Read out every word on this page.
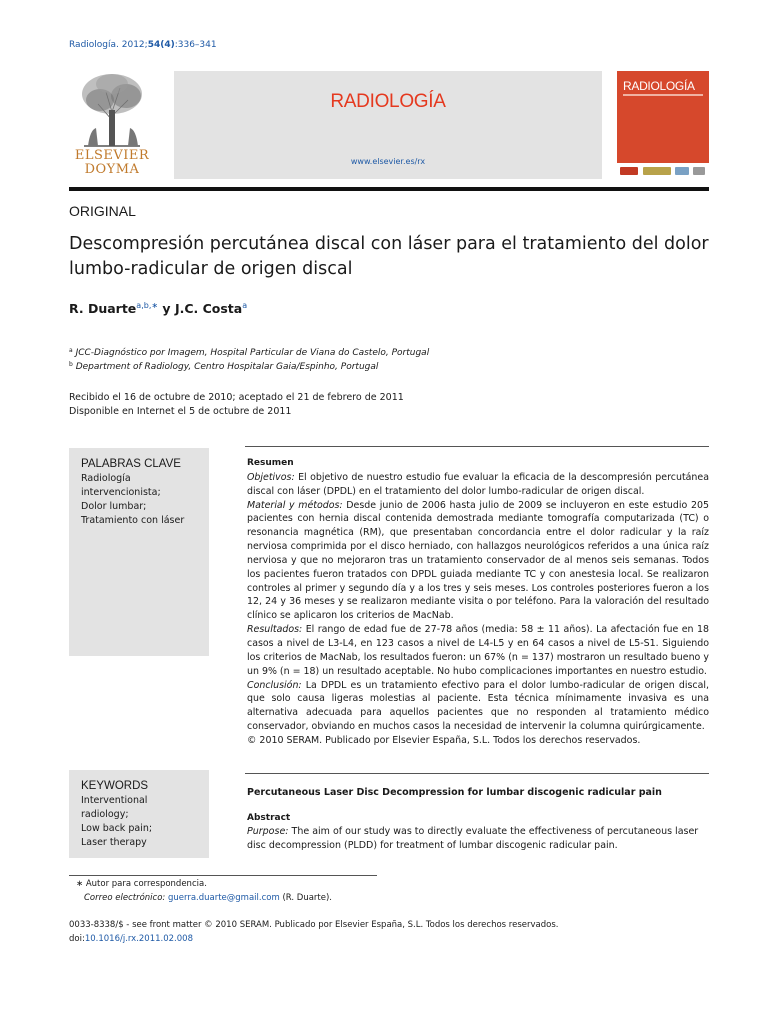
Radiología. 2012;54(4):336–341
ELSEVIER
DOYMA
RADIOLOGÍA
www.elsevier.es/rx
RADIOLOGÍA
ORIGINAL
Descompresión percutánea discal con láser para el tratamiento del dolor lumbo-radicular de origen discal
R. Duarte$^{a,b,∗}$ y J.C. Costa$^a$
$^a$ JCC-Diagnóstico por Imagem, Hospital Particular de Viana do Castelo, Portugal
$^b$ Department of Radiology, Centro Hospitalar Gaia/Espinho, Portugal
Recibido el 16 de octubre de 2010; aceptado el 21 de febrero de 2011
Disponible en Internet el 5 de octubre de 2011
PALABRAS CLAVE
Radiología
intervencionista;
Dolor lumbar;
Tratamiento con láser
Resumen

Objetivos: El objetivo de nuestro estudio fue evaluar la eficacia de la descompresión percutánea discal con láser (DPDL) en el tratamiento del dolor lumbo-radicular de origen discal.

Material y métodos: Desde junio de 2006 hasta julio de 2009 se incluyeron en este estudio 205 pacientes con hernia discal contenida demostrada mediante tomografía computarizada (TC) o resonancia magnética (RM), que presentaban concordancia entre el dolor radicular y la raíz nerviosa comprimida por el disco herniado, con hallazgos neurológicos referidos a una única raíz nerviosa y que no mejoraron tras un tratamiento conservador de al menos seis semanas. Todos los pacientes fueron tratados con DPDL guiada mediante TC y con anestesia local. Se realizaron controles al primer y segundo día y a los tres y seis meses. Los controles posteriores fueron a los 12, 24 y 36 meses y se realizaron mediante visita o por teléfono. Para la valoración del resultado clínico se aplicaron los criterios de MacNab.

Resultados: El rango de edad fue de 27-78 años (media: 58 ± 11 años). La afectación fue en 18 casos a nivel de L3-L4, en 123 casos a nivel de L4-L5 y en 64 casos a nivel de L5-S1. Siguiendo los criterios de MacNab, los resultados fueron: un 67% (n = 137) mostraron un resultado bueno y un 9% (n = 18) un resultado aceptable. No hubo complicaciones importantes en nuestro estudio.

Conclusión: La DPDL es un tratamiento efectivo para el dolor lumbo-radicular de origen discal, que solo causa ligeras molestias al paciente. Esta técnica mínimamente invasiva es una alternativa adecuada para aquellos pacientes que no responden al tratamiento médico conservador, obviando en muchos casos la necesidad de intervenir la columna quirúrgicamente.

© 2010 SERAM. Publicado por Elsevier España, S.L. Todos los derechos reservados.

KEYWORDS
Interventional
radiology;
Low back pain;
Laser therapy
Percutaneous Laser Disc Decompression for lumbar discogenic radicular pain
Abstract
Purpose: The aim of our study was to directly evaluate the effectiveness of percutaneous laser disc decompression (PLDD) for treatment of lumbar discogenic radicular pain.
∗ Autor para correspondencia.
Correo electrónico: guerra.duarte@gmail.com (R. Duarte).
0033-8338/$ - see front matter © 2010 SERAM. Publicado por Elsevier España, S.L. Todos los derechos reservados.
doi:10.1016/j.rx.2011.02.008
